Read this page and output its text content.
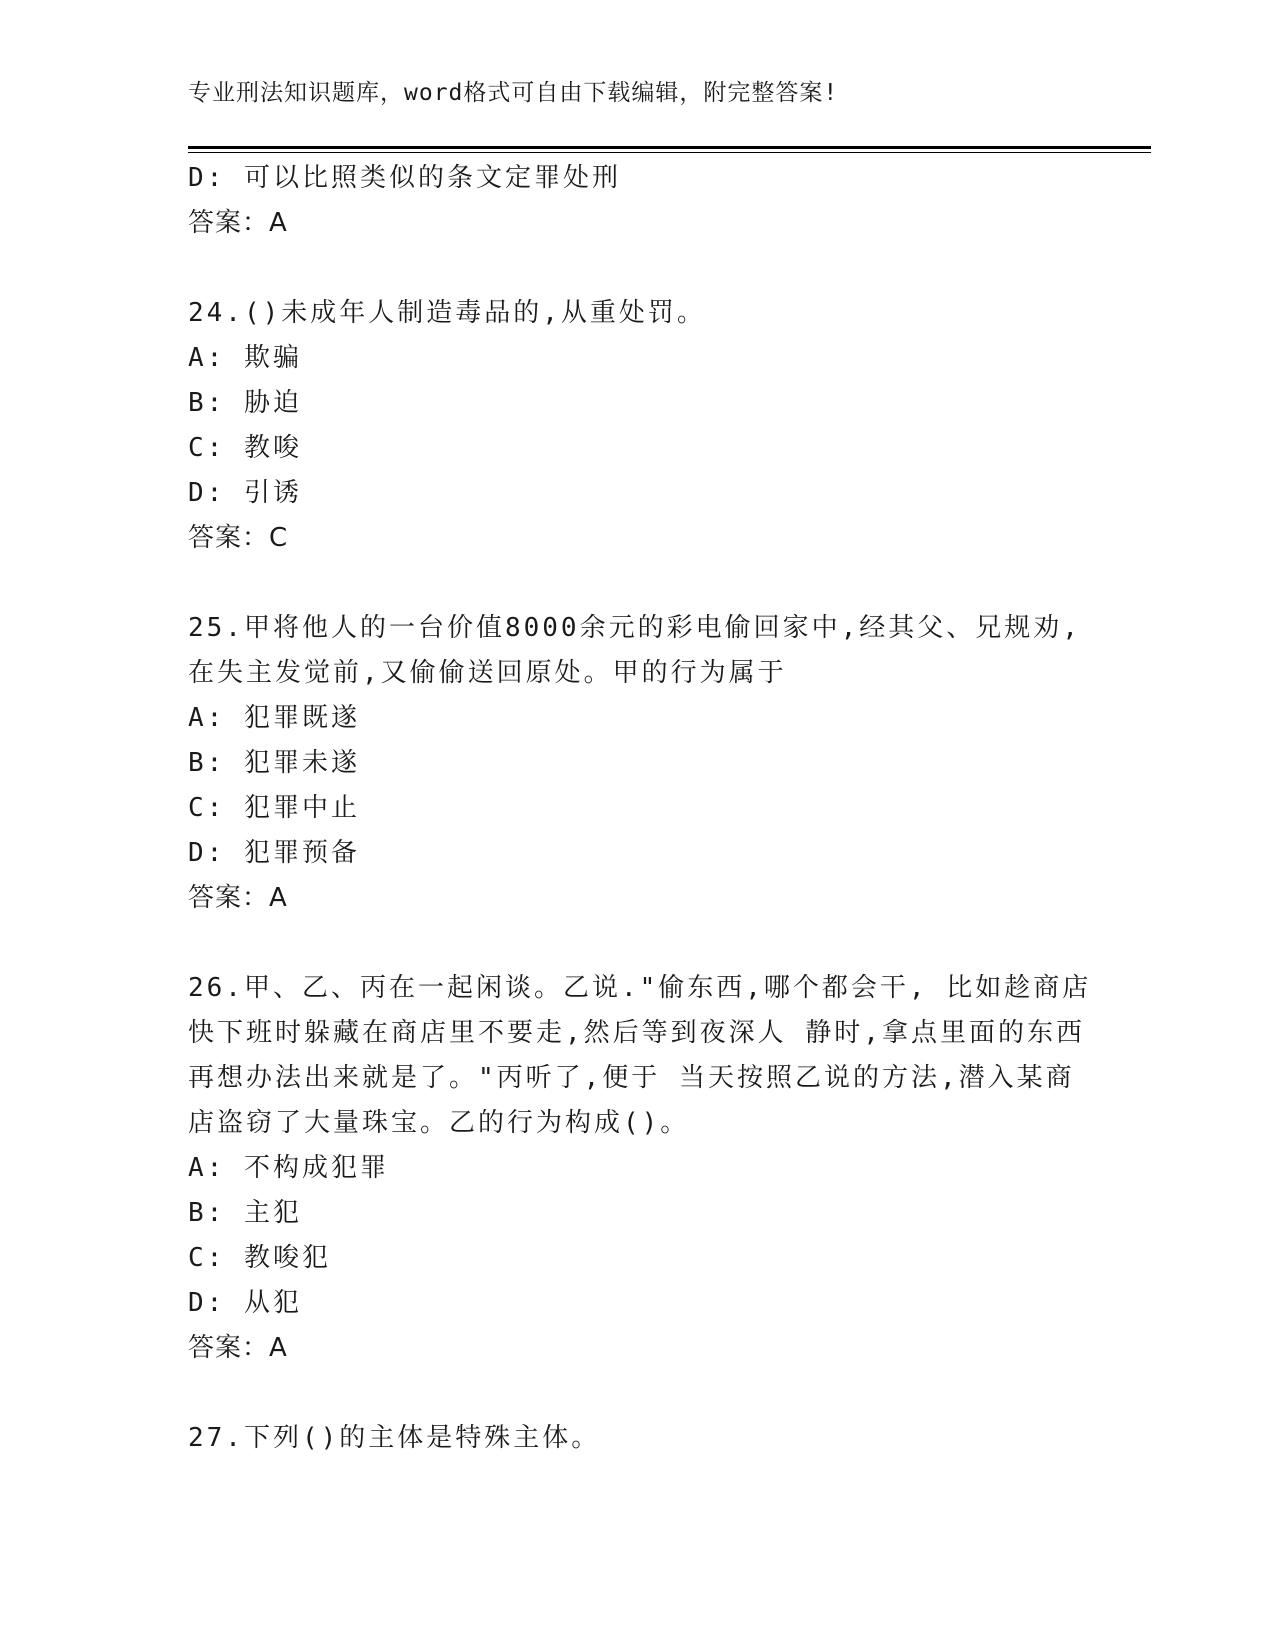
专业刑法知识题库，word格式可自由下载编辑，附完整答案!
D: 可以比照类似的条文定罪处刑
答案：A
24.()未成年人制造毒品的,从重处罚。
A: 欺骗
B: 胁迫
C: 教唆
D: 引诱
答案：C
25.甲将他人的一台价值8000余元的彩电偷回家中,经其父、兄规劝,
在失主发觉前,又偷偷送回原处。甲的行为属于
A: 犯罪既遂
B: 犯罪未遂
C: 犯罪中止
D: 犯罪预备
答案：A
26.甲、乙、丙在一起闲谈。乙说."偷东西,哪个都会干, 比如趁商店
快下班时躲藏在商店里不要走,然后等到夜深人 静时,拿点里面的东西
再想办法出来就是了。"丙听了,便于 当天按照乙说的方法,潜入某商
店盗窃了大量珠宝。乙的行为构成()。
A: 不构成犯罪
B: 主犯
C: 教唆犯
D: 从犯
答案：A
27.下列()的主体是特殊主体。
